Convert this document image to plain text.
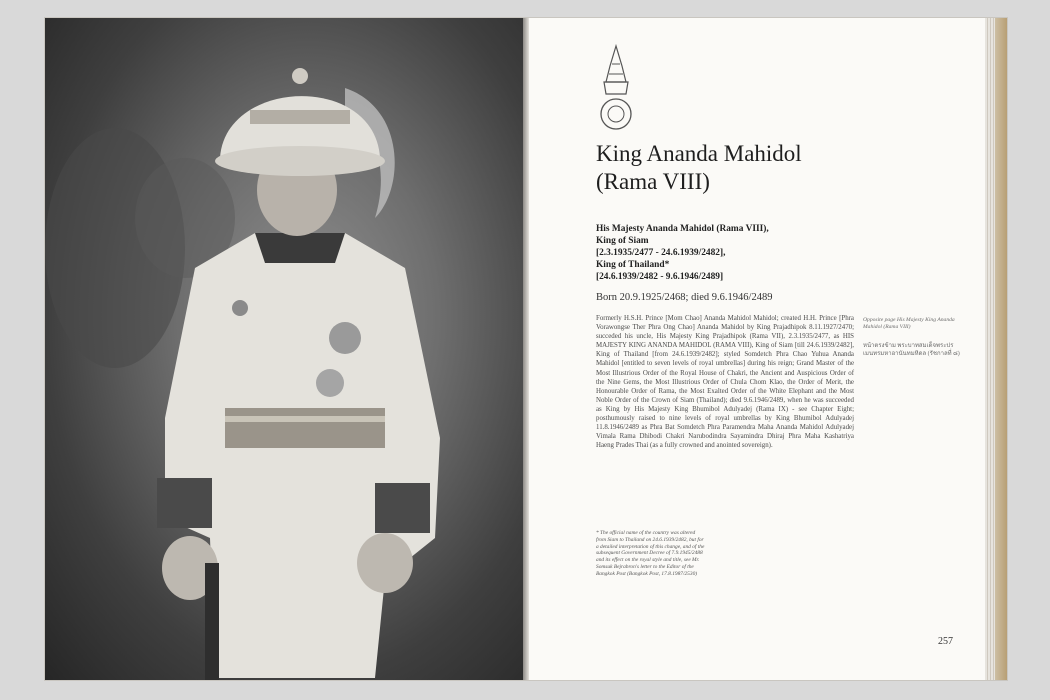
King Ananda Mahidol
(Rama VIII)
His Majesty Ananda Mahidol (Rama VIII),
King of Siam
[2.3.1935/2477 - 24.6.1939/2482],
King of Thailand*
[24.6.1939/2482 - 9.6.1946/2489]
Born 20.9.1925/2468; died 9.6.1946/2489
Formerly H.S.H. Prince [Mom Chao] Ananda Mahidol Mahidol; created H.H. Prince [Phra Vorawongse Ther Phra Ong Chao] Ananda Mahidol by King Prajadhipok 8.11.1927/2470; succeded his uncle, His Majesty King Prajadhipok (Rama VII), 2.3.1935/2477, as HIS MAJESTY KING ANANDA MAHIDOL (RAMA VIII), King of Siam [till 24.6.1939/2482], King of Thailand [from 24.6.1939/2482]; styled Somdetch Phra Chao Yuhua Ananda Mahidol [entitled to seven levels of royal umbrellas] during his reign; Grand Master of the Most Illustrious Order of the Royal House of Chakri, the Ancient and Auspicious Order of the Nine Gems, the Most Illustrious Order of Chula Chom Klao, the Order of Merit, the Honourable Order of Rama, the Most Exalted Order of the White Elephant and the Most Noble Order of the Crown of Siam (Thailand); died 9.6.1946/2489, when he was succeeded as King by His Majesty King Bhumibol Adulyadej (Rama IX) - see Chapter Eight; posthumously raised to nine levels of royal umbrellas by King Bhumibol Adulyadej 11.8.1946/2489 as Phra Bat Somdetch Phra Paramendra Maha Ananda Mahidol Adulyadej Vimala Rama Dhibodi Chakri Narubodindra Sayamindra Dhiraj Phra Maha Kashatriya Haeng Prades Thai (as a fully crowned and anointed sovereign).
Opposite page His Majesty King Ananda Mahidol (Rama VIII)
หน้าตรงข้าม พระบาทสมเด็จพระปรเมนทรมหาอานันทมหิดล (รัชกาลที่ ๘)
* The official name of the country was altered from Siam to Thailand on 24.6.1939/2482, but for a detailed interpretation of this change, and of the subsequent Government Decree of 7.9.1945/2488 and its effect on the royal style and title, see Mr. Somsuk Bejrabron's letter to the Editor of the Bangkok Post (Bangkok Post, 17.8.1987/2530)
257
